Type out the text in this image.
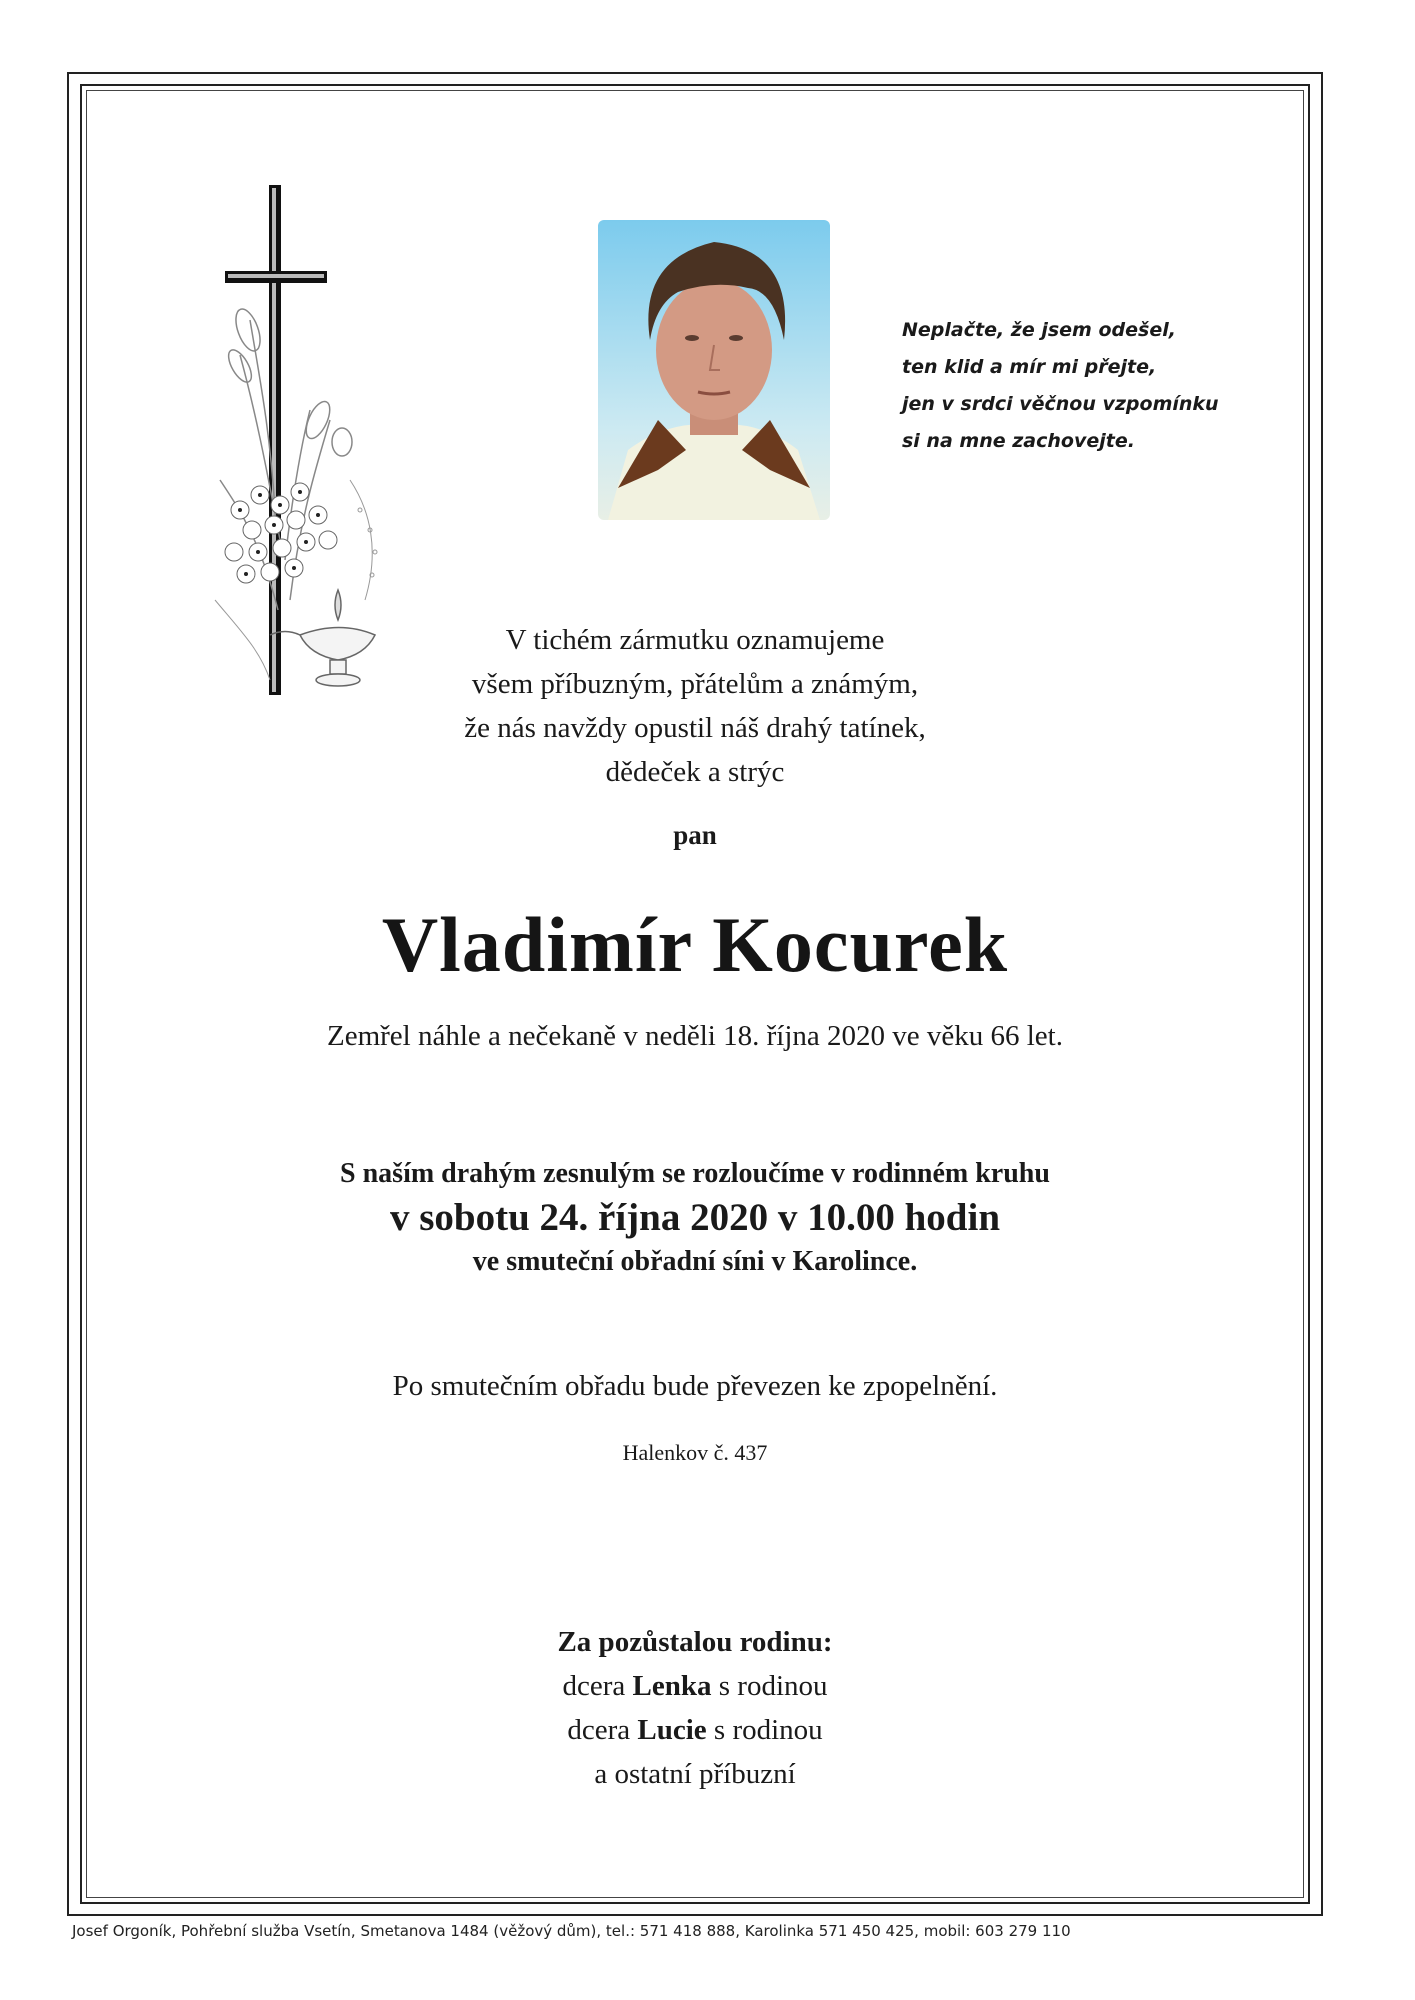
Neplačte, že jsem odešel,
ten klid a mír mi přejte,
jen v srdci věčnou vzpomínku
si na mne zachovejte.
V tichém zármutku oznamujeme
všem příbuzným, přátelům a známým,
že nás navždy opustil náš drahý tatínek,
dědeček a strýc
pan
Vladimír Kocurek
Zemřel náhle a nečekaně v neděli 18. října 2020 ve věku 66 let.
S naším drahým zesnulým se rozloučíme v rodinném kruhu
v sobotu 24. října 2020 v 10.00 hodin
ve smuteční obřadní síni v Karolince.
Po smutečním obřadu bude převezen ke zpopelnění.
Halenkov č. 437
Za pozůstalou rodinu:
dcera Lenka s rodinou
dcera Lucie s rodinou
a ostatní příbuzní
Josef Orgoník, Pohřební služba Vsetín, Smetanova 1484 (věžový dům), tel.: 571 418 888, Karolinka 571 450 425, mobil: 603 279 110
